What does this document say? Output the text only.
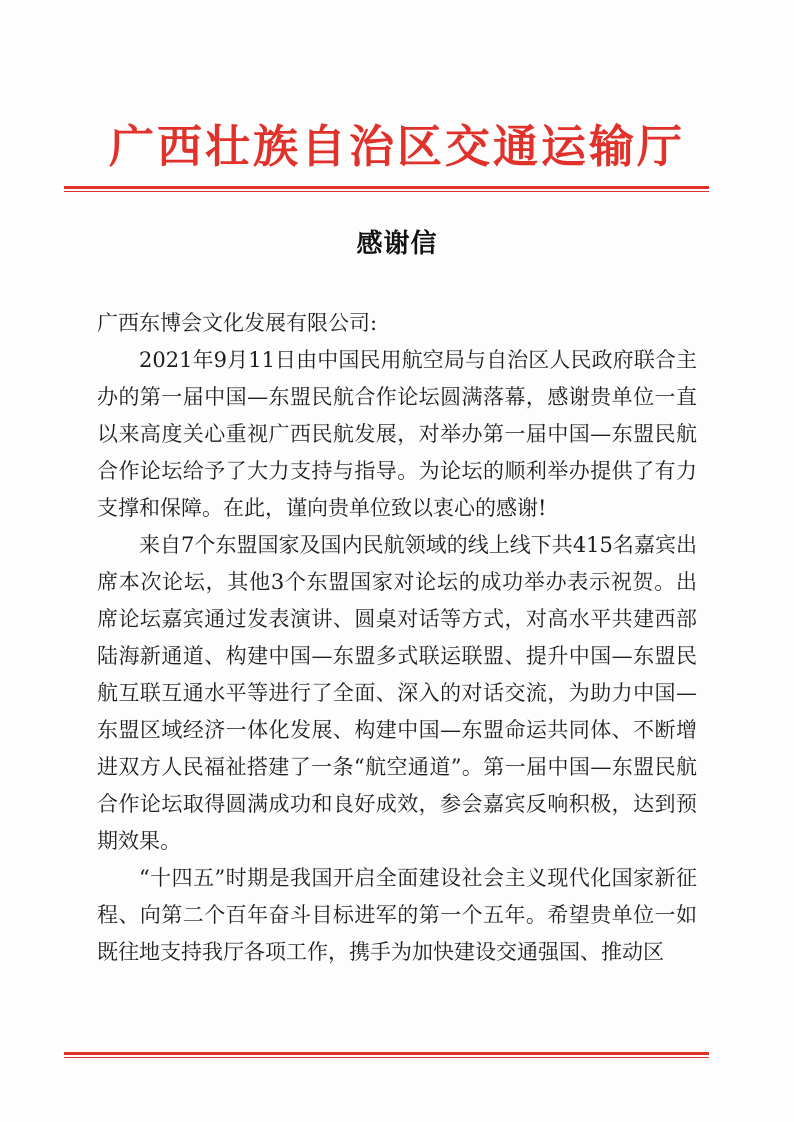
广西壮族自治区交通运输厅
感谢信

广西东博会文化发展有限公司:

2021年9月11日由中国民用航空局与自治区人民政府联合主办的第一届中国—东盟民航合作论坛圆满落幕，感谢贵单位一直以来高度关心重视广西民航发展，对举办第一届中国—东盟民航合作论坛给予了大力支持与指导。为论坛的顺利举办提供了有力支撑和保障。在此，谨向贵单位致以衷心的感谢!

来自7个东盟国家及国内民航领域的线上线下共415名嘉宾出席本次论坛，其他3个东盟国家对论坛的成功举办表示祝贺。出席论坛嘉宾通过发表演讲、圆桌对话等方式，对高水平共建西部陆海新通道、构建中国—东盟多式联运联盟、提升中国—东盟民航互联互通水平等进行了全面、深入的对话交流，为助力中国—东盟区域经济一体化发展、构建中国—东盟命运共同体、不断增进双方人民福祉搭建了一条“航空通道”。第一届中国—东盟民航合作论坛取得圆满成功和良好成效，参会嘉宾反响积极，达到预期效果。

“十四五”时期是我国开启全面建设社会主义现代化国家新征程、向第二个百年奋斗目标进军的第一个五年。希望贵单位一如既往地支持我厅各项工作，携手为加快建设交通强国、推动区
